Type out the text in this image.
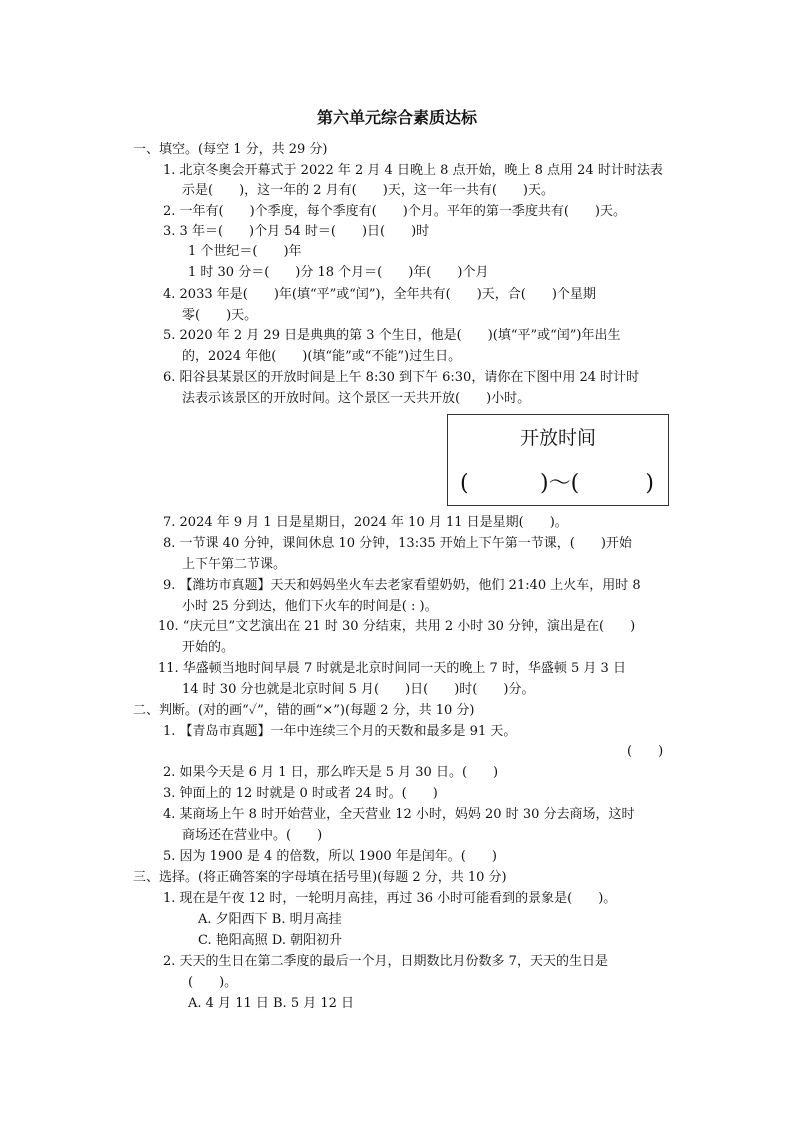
第六单元综合素质达标
一、填空。(每空 1 分，共 29 分)
1. 北京冬奥会开幕式于 2022 年 2 月 4 日晚上 8 点开始，晚上 8 点用 24 时计时法表
示是(　　)，这一年的 2 月有(　　)天，这一年一共有(　　)天。
2. 一年有(　　)个季度，每个季度有(　　)个月。平年的第一季度共有(　　)天。
3. 3 年＝(　　)个月 54 时＝(　　)日(　　)时
1 个世纪＝(　　)年
1 时 30 分＝(　　)分 18 个月＝(　　)年(　　)个月
4. 2033 年是(　　)年(填“平”或“闰”)，全年共有(　　)天，合(　　)个星期
零(　　)天。
5. 2020 年 2 月 29 日是典典的第 3 个生日，他是(　　)(填“平”或“闰”)年出生
的，2024 年他(　　)(填“能”或“不能”)过生日。
6. 阳谷县某景区的开放时间是上午 8:30 到下午 6:30，请你在下图中用 24 时计时
法表示该景区的开放时间。这个景区一天共开放(　　)小时。
开放时间
(	)～(	)
7. 2024 年 9 月 1 日是星期日，2024 年 10 月 11 日是星期(　　)。
8. 一节课 40 分钟，课间休息 10 分钟，13:35 开始上下午第一节课，(　　)开始
上下午第二节课。
9. 【潍坊市真题】天天和妈妈坐火车去老家看望奶奶，他们 21:40 上火车，用时 8
小时 25 分到达，他们下火车的时间是( : )。
10. “庆元旦”文艺演出在 21 时 30 分结束，共用 2 小时 30 分钟，演出是在(　　)
开始的。
11. 华盛顿当地时间早晨 7 时就是北京时间同一天的晚上 7 时，华盛顿 5 月 3 日
14 时 30 分也就是北京时间 5 月(　　)日(　　)时(　　)分。
二、判断。(对的画“✓”，错的画“×”)(每题 2 分，共 10 分)
1. 【青岛市真题】一年中连续三个月的天数和最多是 91 天。
(　　)
2. 如果今天是 6 月 1 日，那么昨天是 5 月 30 日。(　　)
3. 钟面上的 12 时就是 0 时或者 24 时。(　　)
4. 某商场上午 8 时开始营业，全天营业 12 小时，妈妈 20 时 30 分去商场，这时
商场还在营业中。(　　)
5. 因为 1900 是 4 的倍数，所以 1900 年是闰年。(　　)
三、选择。(将正确答案的字母填在括号里)(每题 2 分，共 10 分)
1. 现在是午夜 12 时，一轮明月高挂，再过 36 小时可能看到的景象是(　　)。
A. 夕阳西下 B. 明月高挂
C. 艳阳高照 D. 朝阳初升
2. 天天的生日在第二季度的最后一个月，日期数比月份数多 7，天天的生日是
(　　)。
A. 4 月 11 日 B. 5 月 12 日
